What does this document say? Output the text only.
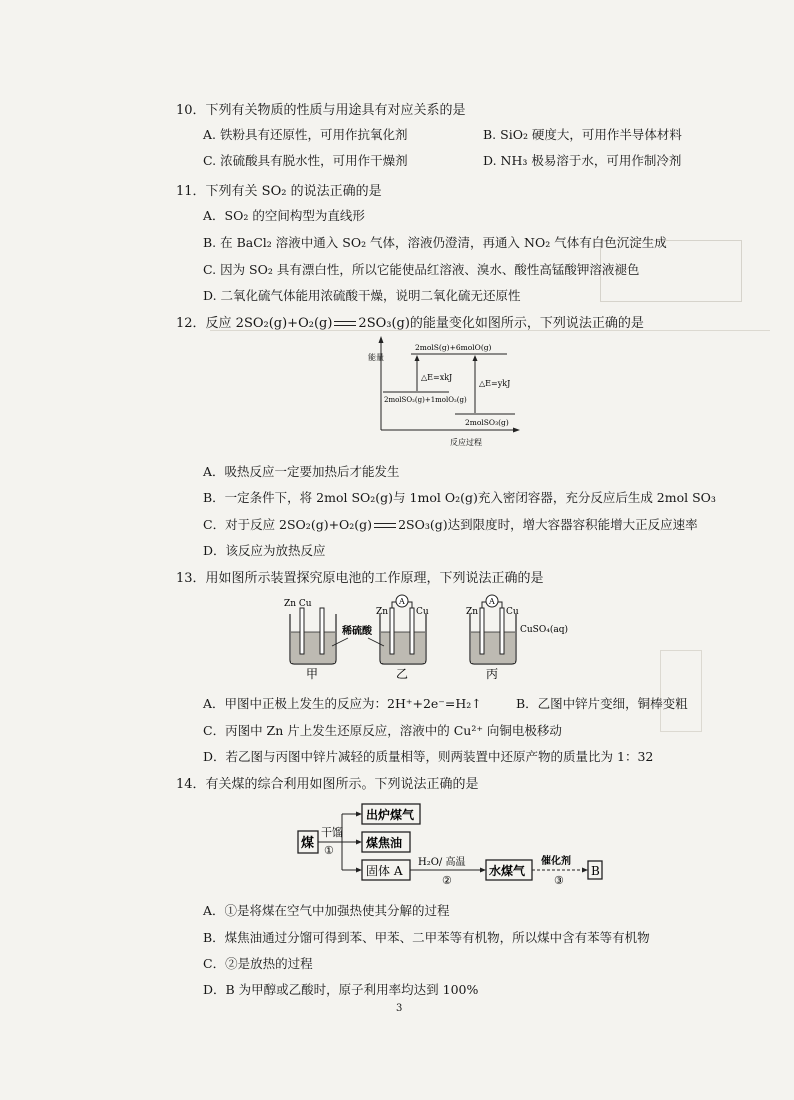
10．下列有关物质的性质与用途具有对应关系的是
A. 铁粉具有还原性，可用作抗氧化剂	B. SiO₂ 硬度大，可用作半导体材料
C. 浓硫酸具有脱水性，可用作干燥剂	D. NH₃ 极易溶于水，可用作制冷剂
11．下列有关 SO₂ 的说法正确的是
A．SO₂ 的空间构型为直线形
B. 在 BaCl₂ 溶液中通入 SO₂ 气体，溶液仍澄清，再通入 NO₂ 气体有白色沉淀生成
C. 因为 SO₂ 具有漂白性，所以它能使品红溶液、溴水、酸性高锰酸钾溶液褪色
D. 二氧化硫气体能用浓硫酸干燥，说明二氧化硫无还原性
12．反应 2SO₂(g)+O₂(g) 2SO₃(g)的能量变化如图所示，下列说法正确的是
能量
2molS(g)+6molO(g)
2molSO₂(g)+1molO₂(g)
2molSO₃(g)
△E=xkJ
△E=ykJ
反应过程
A．吸热反应一定要加热后才能发生
B．一定条件下，将 2mol SO₂(g)与 1mol O₂(g)充入密闭容器，充分反应后生成 2mol SO₃
C．对于反应 2SO₂(g)+O₂(g) 2SO₃(g)达到限度时，增大容器容积能增大正反应速率
D．该反应为放热反应
13．用如图所示装置探究原电池的工作原理，下列说法正确的是
Zn Cu	A
Zn	Cu
A
Zn	Cu
稀硫酸	CuSO₄(aq)
甲	乙	丙
A．甲图中正极上发生的反应为：2H⁺+2e⁻=H₂↑	B．乙图中锌片变细，铜棒变粗
C．丙图中 Zn 片上发生还原反应，溶液中的 Cu²⁺ 向铜电极移动
D．若乙图与丙图中锌片减轻的质量相等，则两装置中还原产物的质量比为 1：32
14．有关煤的综合利用如图所示。下列说法正确的是
煤
干馏
①
出炉煤气
煤焦油
固体 A
H₂O/ 高温
②
水煤气
催化剂
③
B
A．①是将煤在空气中加强热使其分解的过程
B．煤焦油通过分馏可得到苯、甲苯、二甲苯等有机物，所以煤中含有苯等有机物
C．②是放热的过程
D．B 为甲醇或乙酸时，原子利用率均达到 100%
3
